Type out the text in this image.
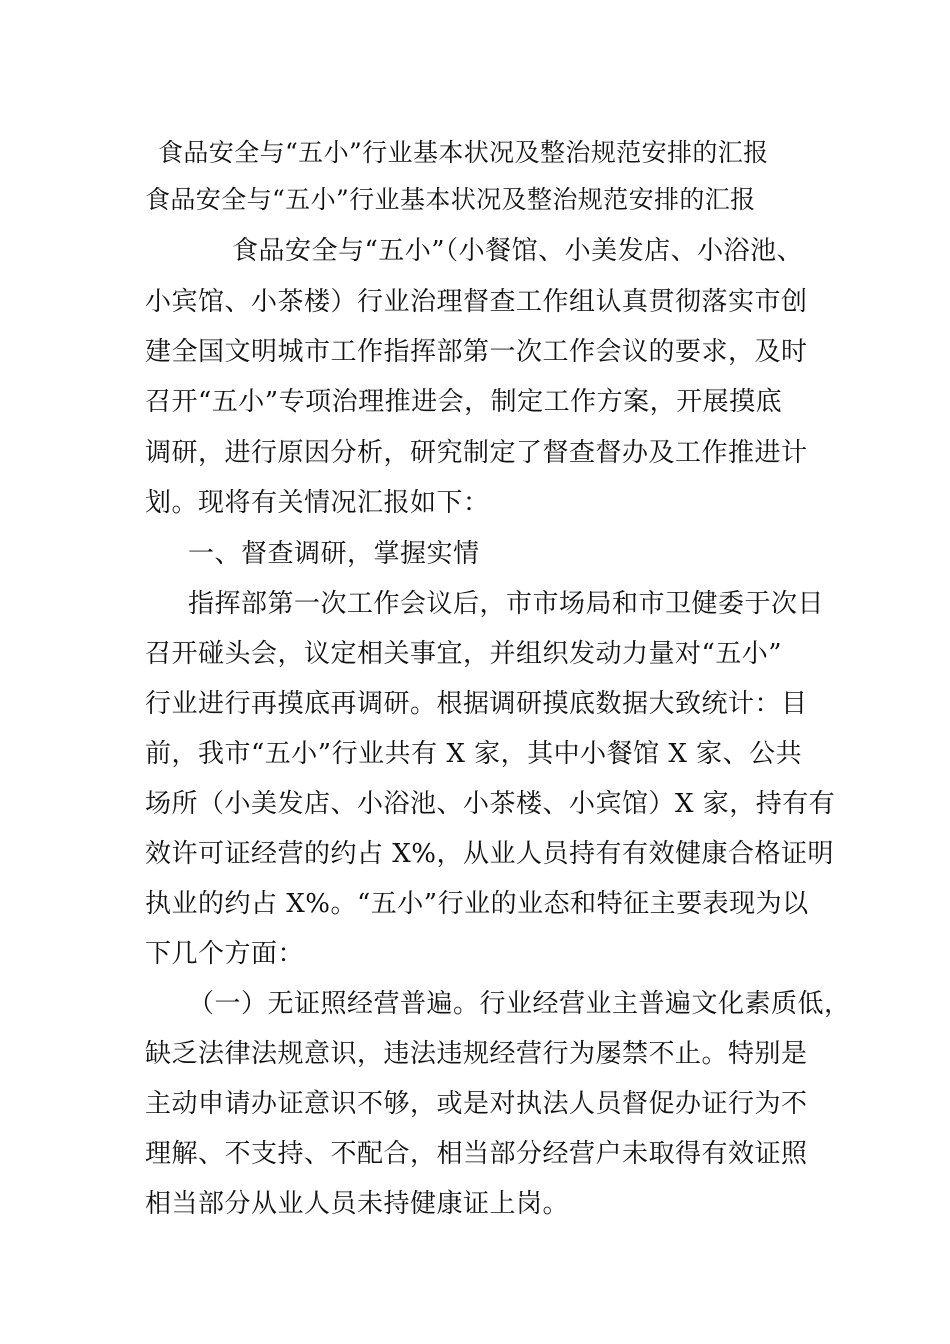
食品安全与“五小”行业基本状况及整治规范安排的汇报
食品安全与“五小”行业基本状况及整治规范安排的汇报
食品安全与“五小”（小餐馆、小美发店、小浴池、
小宾馆、小茶楼）行业治理督查工作组认真贯彻落实市创
建全国文明城市工作指挥部第一次工作会议的要求，及时
召开“五小”专项治理推进会，制定工作方案，开展摸底
调研，进行原因分析，研究制定了督查督办及工作推进计
划。现将有关情况汇报如下：
一、督查调研，掌握实情
指挥部第一次工作会议后，市市场局和市卫健委于次日
召开碰头会，议定相关事宜，并组织发动力量对“五小”
行业进行再摸底再调研。根据调研摸底数据大致统计：目
前，我市“五小”行业共有 X 家，其中小餐馆 X 家、公共
场所（小美发店、小浴池、小茶楼、小宾馆）X 家，持有有
效许可证经营的约占 X%，从业人员持有有效健康合格证明
执业的约占 X%。“五小”行业的业态和特征主要表现为以
下几个方面：
（一）无证照经营普遍。行业经营业主普遍文化素质低，
缺乏法律法规意识，违法违规经营行为屡禁不止。特别是
主动申请办证意识不够，或是对执法人员督促办证行为不
理解、不支持、不配合，相当部分经营户未取得有效证照
相当部分从业人员未持健康证上岗。
